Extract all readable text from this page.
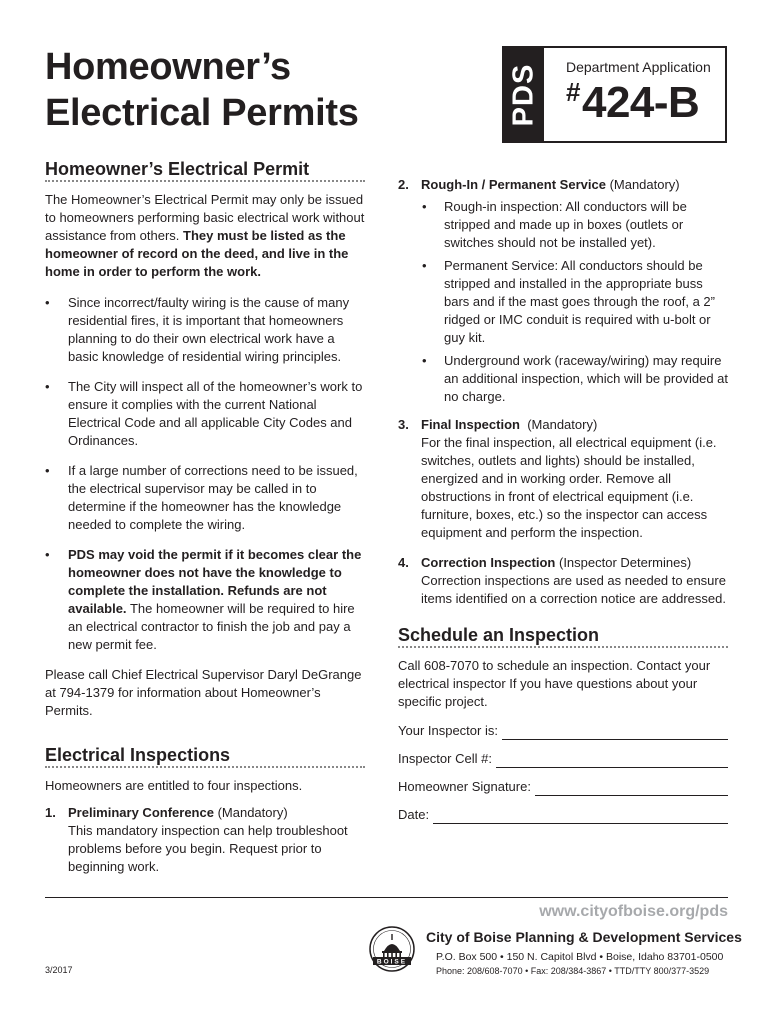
Homeowner’s
Electrical Permits	PDS Department Application
#424-B
Homeowner’s Electrical Permit

The Homeowner’s Electrical Permit may only be issued to homeowners performing basic electrical work without assistance from others. They must be listed as the homeowner of record on the deed, and live in the home in order to perform the work.

• Since incorrect/faulty wiring is the cause of many residential fires, it is important that homeowners planning to do their own electrical work have a basic knowledge of residential wiring principles.
• The City will inspect all of the homeowner’s work to ensure it complies with the current National Electrical Code and all applicable City Codes and Ordinances.
• If a large number of corrections need to be issued, the electrical supervisor may be called in to determine if the homeowner has the knowledge needed to complete the wiring.
• PDS may void the permit if it becomes clear the homeowner does not have the knowledge to complete the installation. Refunds are not available. The homeowner will be required to hire an electrical contractor to finish the job and pay a new permit fee.

Please call Chief Electrical Supervisor Daryl DeGrange at 794-1379 for information about Homeowner’s Permits.

Electrical Inspections

Homeowners are entitled to four inspections.

1. Preliminary Conference (Mandatory)
This mandatory inspection can help troubleshoot problems before you begin. Request prior to beginning work.
2. Rough-In / Permanent Service (Mandatory)
• Rough-in inspection: All conductors will be stripped and made up in boxes (outlets or switches should not be installed yet).
• Permanent Service: All conductors should be stripped and installed in the appropriate buss bars and if the mast goes through the roof, a 2” ridged or IMC conduit is required with u-bolt or guy kit.
• Underground work (raceway/wiring) may require an additional inspection, which will be provided at no charge.
3. Final Inspection (Mandatory)
For the final inspection, all electrical equipment (i.e. switches, outlets and lights) should be installed, energized and in working order. Remove all obstructions in front of electrical equipment (i.e. furniture, boxes, etc.) so the inspector can access equipment and perform the inspection.
4. Correction Inspection (Inspector Determines)
Correction inspections are used as needed to ensure items identified on a correction notice are addressed.
Schedule an Inspection

Call 608-7070 to schedule an inspection. Contact your electrical inspector If you have questions about your specific project.

Your Inspector is:
Inspector Cell #:
Homeowner Signature:
Date:
www.cityofboise.org/pds
BOISE
City of Boise Planning & Development Services
P.O. Box 500 • 150 N. Capitol Blvd • Boise, Idaho 83701-0500
Phone: 208/608-7070 • Fax: 208/384-3867 • TTD/TTY 800/377-3529
3/2017
